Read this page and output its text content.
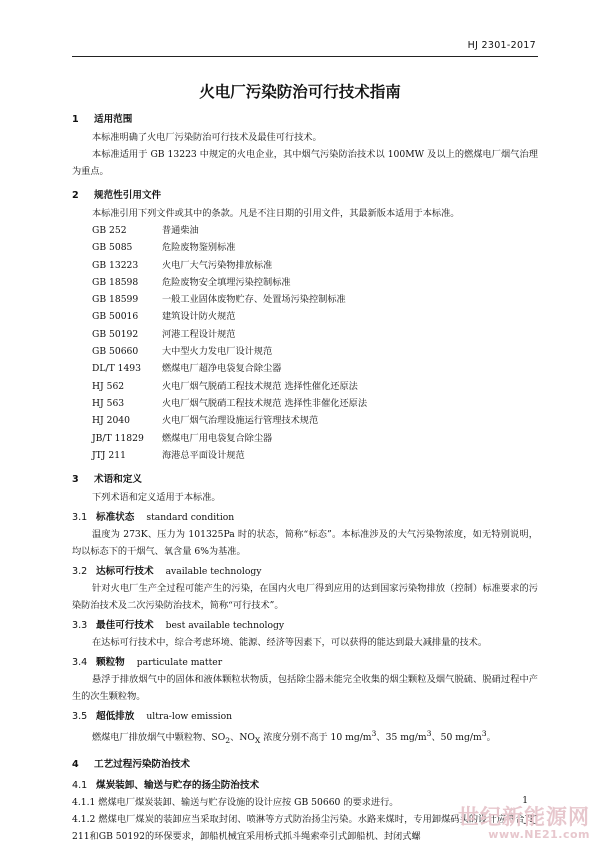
HJ 2301-2017
火电厂污染防治可行技术指南
1 适用范围
本标准明确了火电厂污染防治可行技术及最佳可行技术。
本标准适用于 GB 13223 中规定的火电企业，其中烟气污染防治技术以 100MW 及以上的燃煤电厂烟气治理为重点。
2 规范性引用文件
本标准引用下列文件或其中的条款。凡是不注日期的引用文件，其最新版本适用于本标准。
GB 252	普通柴油
GB 5085	危险废物鉴别标准
GB 13223	火电厂大气污染物排放标准
GB 18598	危险废物安全填埋污染控制标准
GB 18599	一般工业固体废物贮存、处置场污染控制标准
GB 50016	建筑设计防火规范
GB 50192	河港工程设计规范
GB 50660	大中型火力发电厂设计规范
DL/T 1493 燃煤电厂超净电袋复合除尘器
HJ 562	火电厂烟气脱硝工程技术规范 选择性催化还原法
HJ 563	火电厂烟气脱硝工程技术规范 选择性非催化还原法
HJ 2040	火电厂烟气治理设施运行管理技术规范
JB/T 11829 燃煤电厂用电袋复合除尘器
JTJ 211	海港总平面设计规范
3 术语和定义
下列术语和定义适用于本标准。
3.1 标准状态 standard condition
温度为 273K、压力为 101325Pa 时的状态，简称“标态”。本标准涉及的大气污染物浓度，如无特别说明，均以标态下的干烟气、氧含量 6%为基准。
3.2 达标可行技术 available technology
针对火电厂生产全过程可能产生的污染，在国内火电厂得到应用的达到国家污染物排放（控制）标准要求的污染防治技术及二次污染防治技术，简称“可行技术”。
3.3 最佳可行技术 best available technology
在达标可行技术中，综合考虑环境、能源、经济等因素下，可以获得的能达到最大减排量的技术。
3.4 颗粒物 particulate matter
悬浮于排放烟气中的固体和液体颗粒状物质，包括除尘器未能完全收集的烟尘颗粒及烟气脱硫、脱硝过程中产生的次生颗粒物。
3.5 超低排放 ultra-low emission
燃煤电厂排放烟气中颗粒物、$SO_2$、$NO_X$ 浓度分别不高于 10 $mg/m^3$、35 $mg/m^3$、50 $mg/m^3$。
4 工艺过程污染防治技术
4.1 煤炭装卸、输送与贮存的扬尘防治技术
4.1.1 燃煤电厂煤炭装卸、输送与贮存设施的设计应按 GB 50660 的要求进行。
4.1.2 燃煤电厂煤炭的装卸应当采取封闭、喷淋等方式防治扬尘污染。水路来煤时，专用卸煤码头的设计应符合JTJ 211和GB 50192的环保要求，卸船机械宜采用桥式抓斗绳索牵引式卸船机、封闭式螺
1
世纪新能源网
www.NE21.com
